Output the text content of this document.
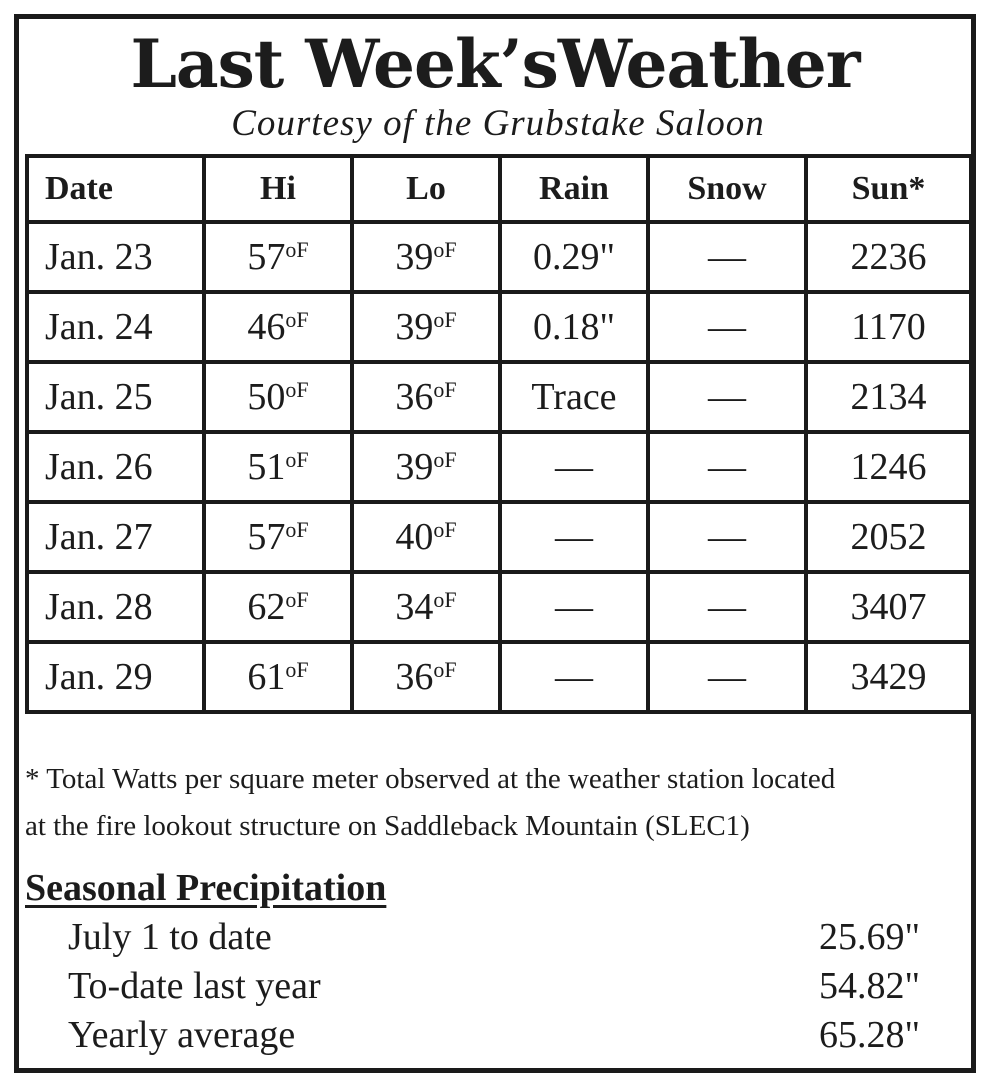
Last Week’sWeather
Courtesy of the Grubstake Saloon
Date	Hi	Lo	Rain	Snow	Sun*
Jan. 23	$57^{oF}$	$39^{oF}$	0.29"	—	2236
Jan. 24	$46^{oF}$	$39^{oF}$	0.18"	—	1170
Jan. 25	$50^{oF}$	$36^{oF}$	Trace	—	2134
Jan. 26	$51^{oF}$	$39^{oF}$	—	—	1246
Jan. 27	$57^{oF}$	$40^{oF}$	—	—	2052
Jan. 28	$62^{oF}$	$34^{oF}$	—	—	3407
Jan. 29	$61^{oF}$	$36^{oF}$	—	—	3429
* Total Watts per square meter observed at the weather station located
at the fire lookout structure on Saddleback Mountain (SLEC1)
Seasonal Precipitation
July 1 to date	25.69"
To-date last year	54.82"
Yearly average	65.28"
